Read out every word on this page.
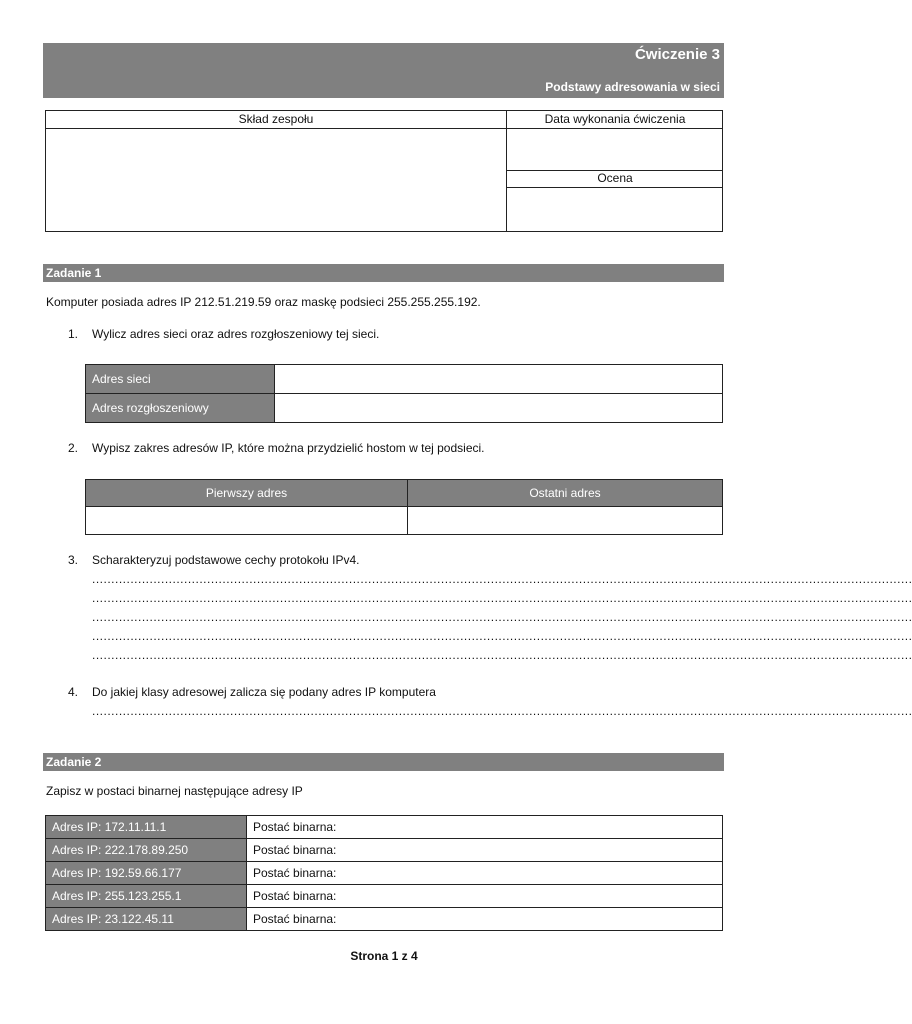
Ćwiczenie 3
Podstawy adresowania w sieci
Skład zespołu	Data wykonania ćwiczenia
Ocena
Zadanie 1
Komputer posiada adres IP 212.51.219.59 oraz maskę podsieci 255.255.255.192.
1. Wylicz adres sieci oraz adres rozgłoszeniowy tej sieci.
Adres sieci	
Adres rozgłoszeniowy	
2. Wypisz zakres adresów IP, które można przydzielić hostom w tej podsieci.
Pierwszy adres	Ostatni adres

3. Scharakteryzuj podstawowe cechy protokołu IPv4.
......................................................................................................................................................................................................................
......................................................................................................................................................................................................................
......................................................................................................................................................................................................................
......................................................................................................................................................................................................................
......................................................................................................................................................................................................................
4. Do jakiej klasy adresowej zalicza się podany adres IP komputera
......................................................................................................................................................................................................................
Zadanie 2
Zapisz w postaci binarnej następujące adresy IP
Adres IP: 172.11.11.1	Postać binarna:
Adres IP: 222.178.89.250	Postać binarna:
Adres IP: 192.59.66.177	Postać binarna:
Adres IP: 255.123.255.1	Postać binarna:
Adres IP: 23.122.45.11	Postać binarna:
Strona 1 z 4
